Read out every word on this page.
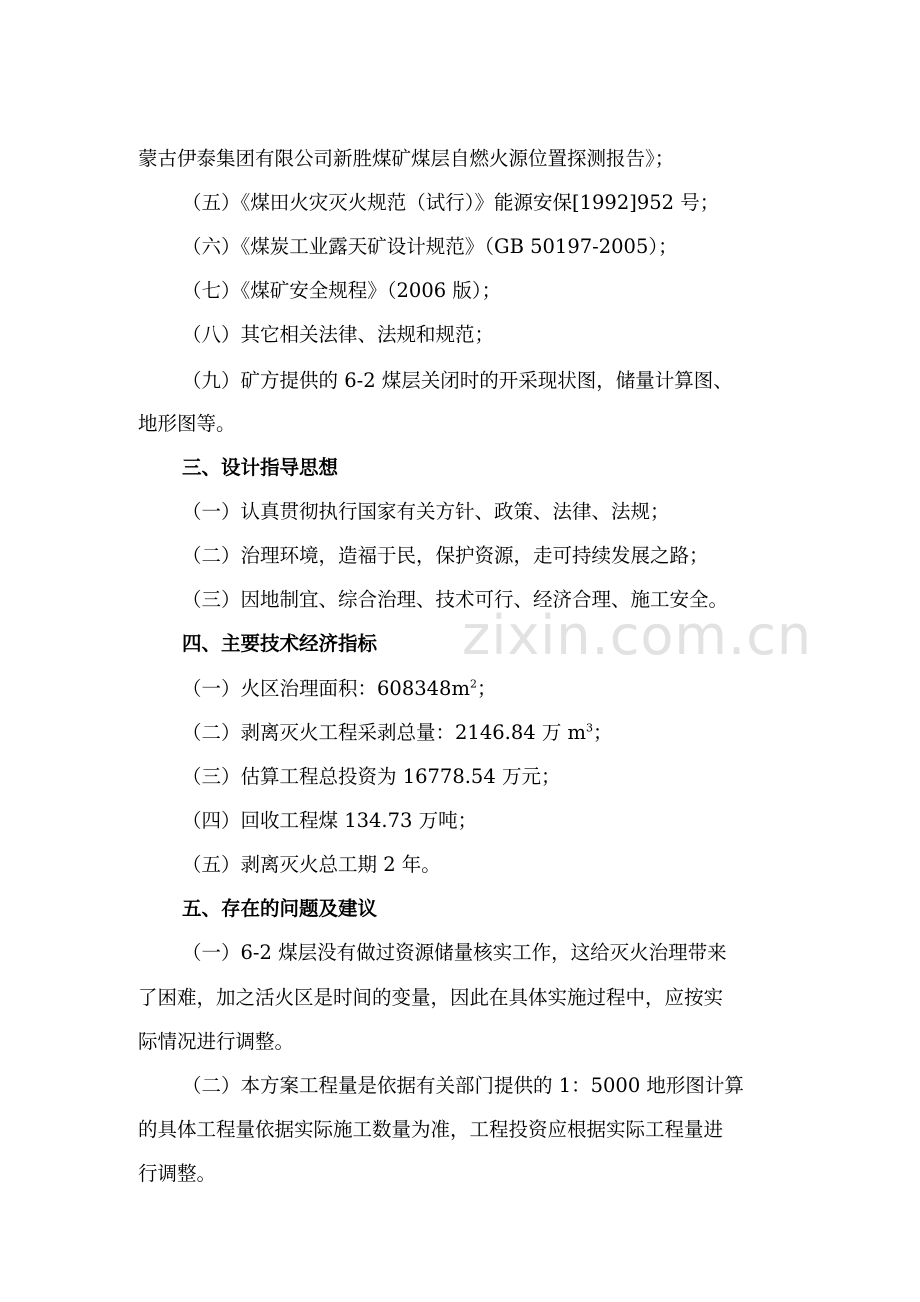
zixin.com.cn
蒙古伊泰集团有限公司新胜煤矿煤层自燃火源位置探测报告》；
（五）《煤田火灾灭火规范（试行）》能源安保[1992]952 号；
（六）《煤炭工业露天矿设计规范》（GB 50197-2005）；
（七）《煤矿安全规程》（2006 版）；
（八）其它相关法律、法规和规范；
（九）矿方提供的 6-2 煤层关闭时的开采现状图，储量计算图、
地形图等。
三、设计指导思想
（一）认真贯彻执行国家有关方针、政策、法律、法规；
（二）治理环境，造福于民，保护资源，走可持续发展之路；
（三）因地制宜、综合治理、技术可行、经济合理、施工安全。
四、主要技术经济指标
（一）火区治理面积：$608348m^2$；
（二）剥离灭火工程采剥总量：2146.84 万 $m^3$；
（三）估算工程总投资为 16778.54 万元；
（四）回收工程煤 134.73 万吨；
（五）剥离灭火总工期 2 年。
五、存在的问题及建议
（一）6-2 煤层没有做过资源储量核实工作，这给灭火治理带来
了困难，加之活火区是时间的变量，因此在具体实施过程中，应按实
际情况进行调整。
（二）本方案工程量是依据有关部门提供的 1：5000 地形图计算
的具体工程量依据实际施工数量为准，工程投资应根据实际工程量进
行调整。
